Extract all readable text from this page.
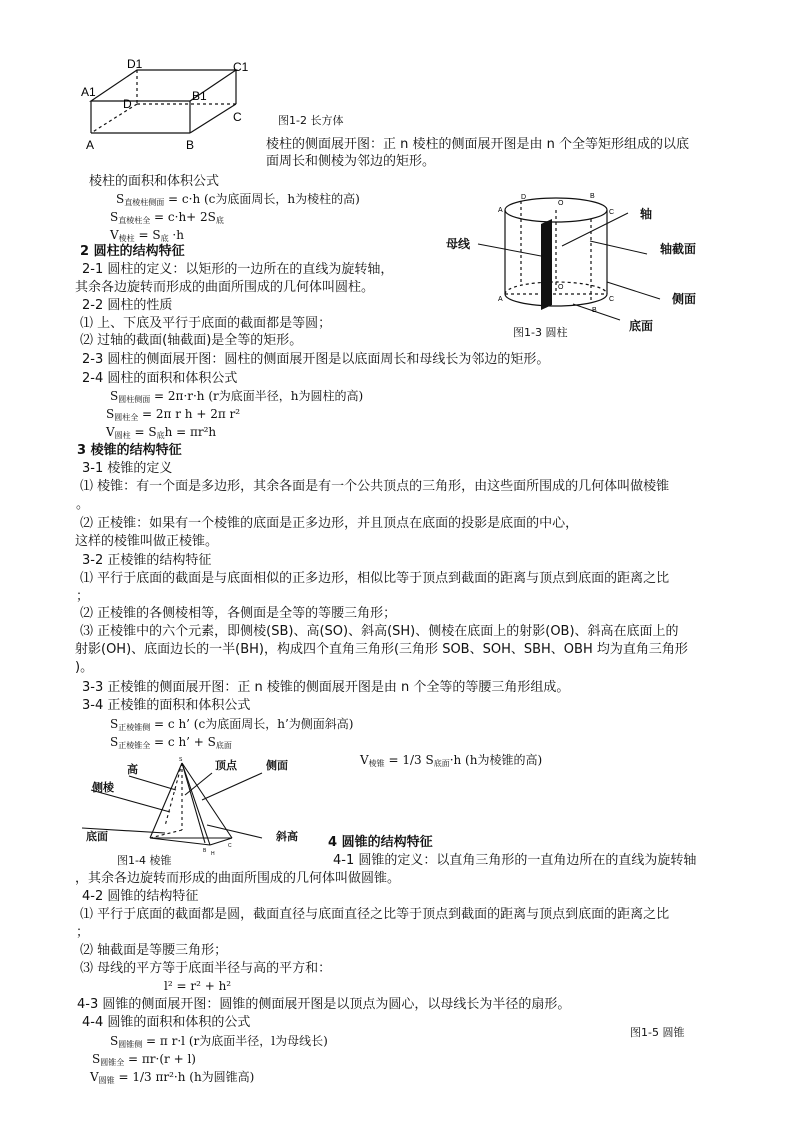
D1	C1
A1	B1
D
C
A	B
图1-2 长方体
棱柱的侧面展开图：正 n 棱柱的侧面展开图是由 n 个全等矩形组成的以底
面周长和侧棱为邻边的矩形。
棱柱的面积和体积公式
$S_{直棱柱侧面} = c\cdot h$ (c为底面周长，h为棱柱的高)
$S_{直棱柱全} = c\cdot h+ 2S_底$
$V_{棱柱} = S_底 \cdot h$
D
O
B
A	C
O
B
A	C
轴
母线	轴截面
侧面
底面
图1-3 圆柱
2 圆柱的结构特征
2-1 圆柱的定义：以矩形的一边所在的直线为旋转轴，
其余各边旋转而形成的曲面所围成的几何体叫圆柱。
2-2 圆柱的性质
⑴ 上、下底及平行于底面的截面都是等圆；
⑵ 过轴的截面(轴截面)是全等的矩形。
2-3 圆柱的侧面展开图：圆柱的侧面展开图是以底面周长和母线长为邻边的矩形。
2-4 圆柱的面积和体积公式
$S_{圆柱侧面} = 2\pi\cdot r\cdot h$ (r为底面半径，h为圆柱的高)
$S_{圆柱全} = 2\pi$ r h + 2π r²
$V_{圆柱} = S_底h = \pi r^2h$
3 棱锥的结构特征
3-1 棱锥的定义
⑴ 棱锥：有一个面是多边形，其余各面是有一个公共顶点的三角形，由这些面所围成的几何体叫做棱锥
。
⑵ 正棱锥：如果有一个棱锥的底面是正多边形，并且顶点在底面的投影是底面的中心，
这样的棱锥叫做正棱锥。
3-2 正棱锥的结构特征
⑴ 平行于底面的截面是与底面相似的正多边形，相似比等于顶点到截面的距离与顶点到底面的距离之比
；
⑵ 正棱锥的各侧棱相等，各侧面是全等的等腰三角形；
⑶ 正棱锥中的六个元素，即侧棱(SB)、高(SO)、斜高(SH)、侧棱在底面上的射影(OB)、斜高在底面上的
射影(OH)、底面边长的一半(BH)，构成四个直角三角形(三角形 SOB、SOH、SBH、OBH 均为直角三角形
)。
3-3 正棱锥的侧面展开图：正 n 棱锥的侧面展开图是由 n 个全等的等腰三角形组成。
3-4 正棱锥的面积和体积公式
$S_{正棱锥侧} = c$ h’ (c为底面周长，h’为侧面斜高)
$S_{正棱锥全} = c$ h’ + $S_{底面}$
$V_{棱锥} = 1/3$ $S_{底面}\cdot h$ (h为棱锥的高)
S
C
H
B
高	顶点	侧面
侧棱
底面	斜高
图1-4 棱锥
4 圆锥的结构特征
4-1 圆锥的定义：以直角三角形的一直角边所在的直线为旋转轴
，其余各边旋转而形成的曲面所围成的几何体叫做圆锥。
4-2 圆锥的结构特征
⑴ 平行于底面的截面都是圆，截面直径与底面直径之比等于顶点到截面的距离与顶点到底面的距离之比
；
⑵ 轴截面是等腰三角形；
⑶ 母线的平方等于底面半径与高的平方和：
l² = r² + h²
4-3 圆锥的侧面展开图：圆锥的侧面展开图是以顶点为圆心，以母线长为半径的扇形。
4-4 圆锥的面积和体积的公式
$S_{圆锥侧} = \pi$ r·l (r为底面半径，l为母线长)
$S_{圆锥全} = \pi r\cdot(r + l)$
$V_{圆锥} = 1/3$ πr²·h (h为圆锥高)
图1-5 圆锥
